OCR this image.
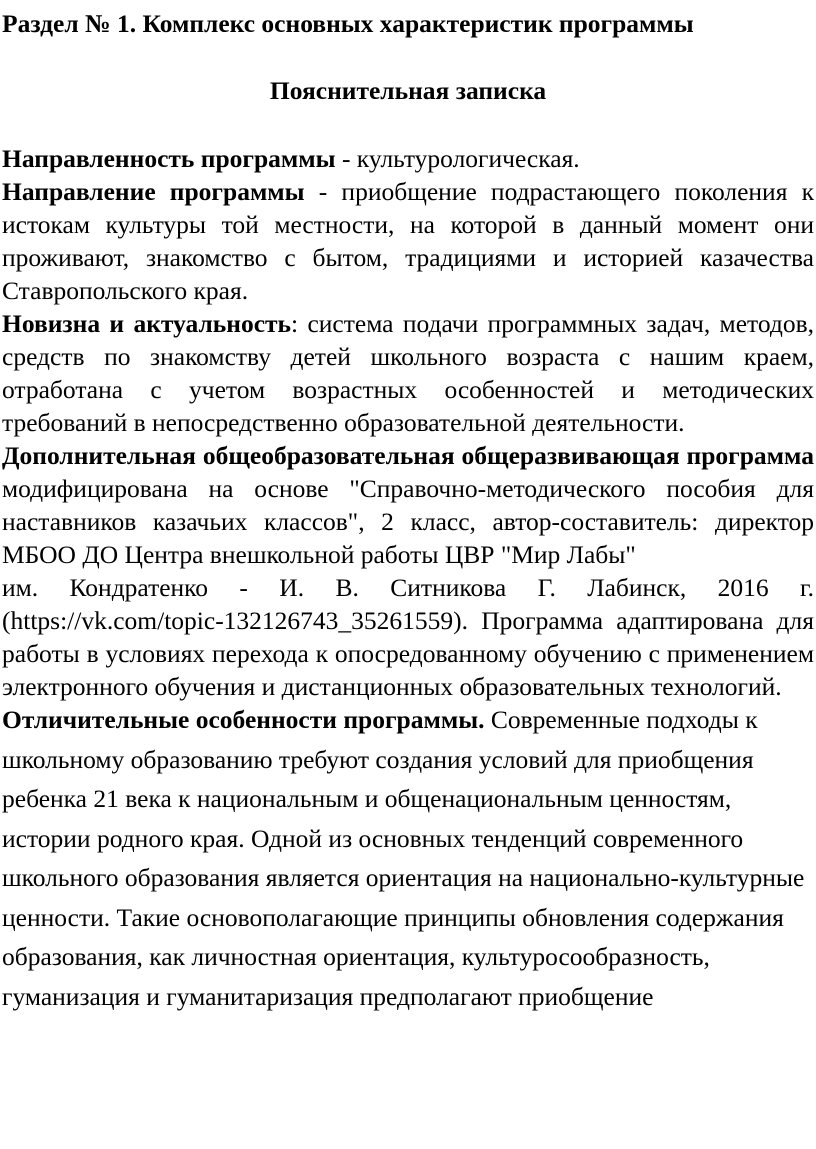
Раздел № 1. Комплекс основных характеристик программы
Пояснительная записка

Направленность программы - культурологическая.

Направление программы - приобщение подрастающего поколения к истокам культуры той местности, на которой в данный момент они проживают, знакомство с бытом, традициями и историей казачества Ставропольского края.

Новизна и актуальность: система подачи программных задач, методов, средств по знакомству детей школьного возраста с нашим краем, отработана с учетом возрастных особенностей и методических требований в непосредственно образовательной деятельности.

Дополнительная общеобразовательная общеразвивающая программа модифицирована на основе "Справочно-методического пособия для наставников казачьих классов", 2 класс, автор-составитель: директор МБОО ДО Центра внешкольной работы ЦВР "Мир Лабы"

им. Кондратенко - И. В. Ситникова Г. Лабинск, 2016 г. (https://vk.com/topic-132126743_35261559). Программа адаптирована для работы в условиях перехода к опосредованному обучению с применением электронного обучения и дистанционных образовательных технологий.

Отличительные особенности программы. Современные подходы к школьному образованию требуют создания условий для приобщения ребенка 21 века к национальным и общенациональным ценностям, истории родного края. Одной из основных тенденций современного школьного образования является ориентация на национально-культурные ценности. Такие основополагающие принципы обновления содержания образования, как личностная ориентация, культуросообразность, гуманизация и гуманитаризация предполагают приобщение
